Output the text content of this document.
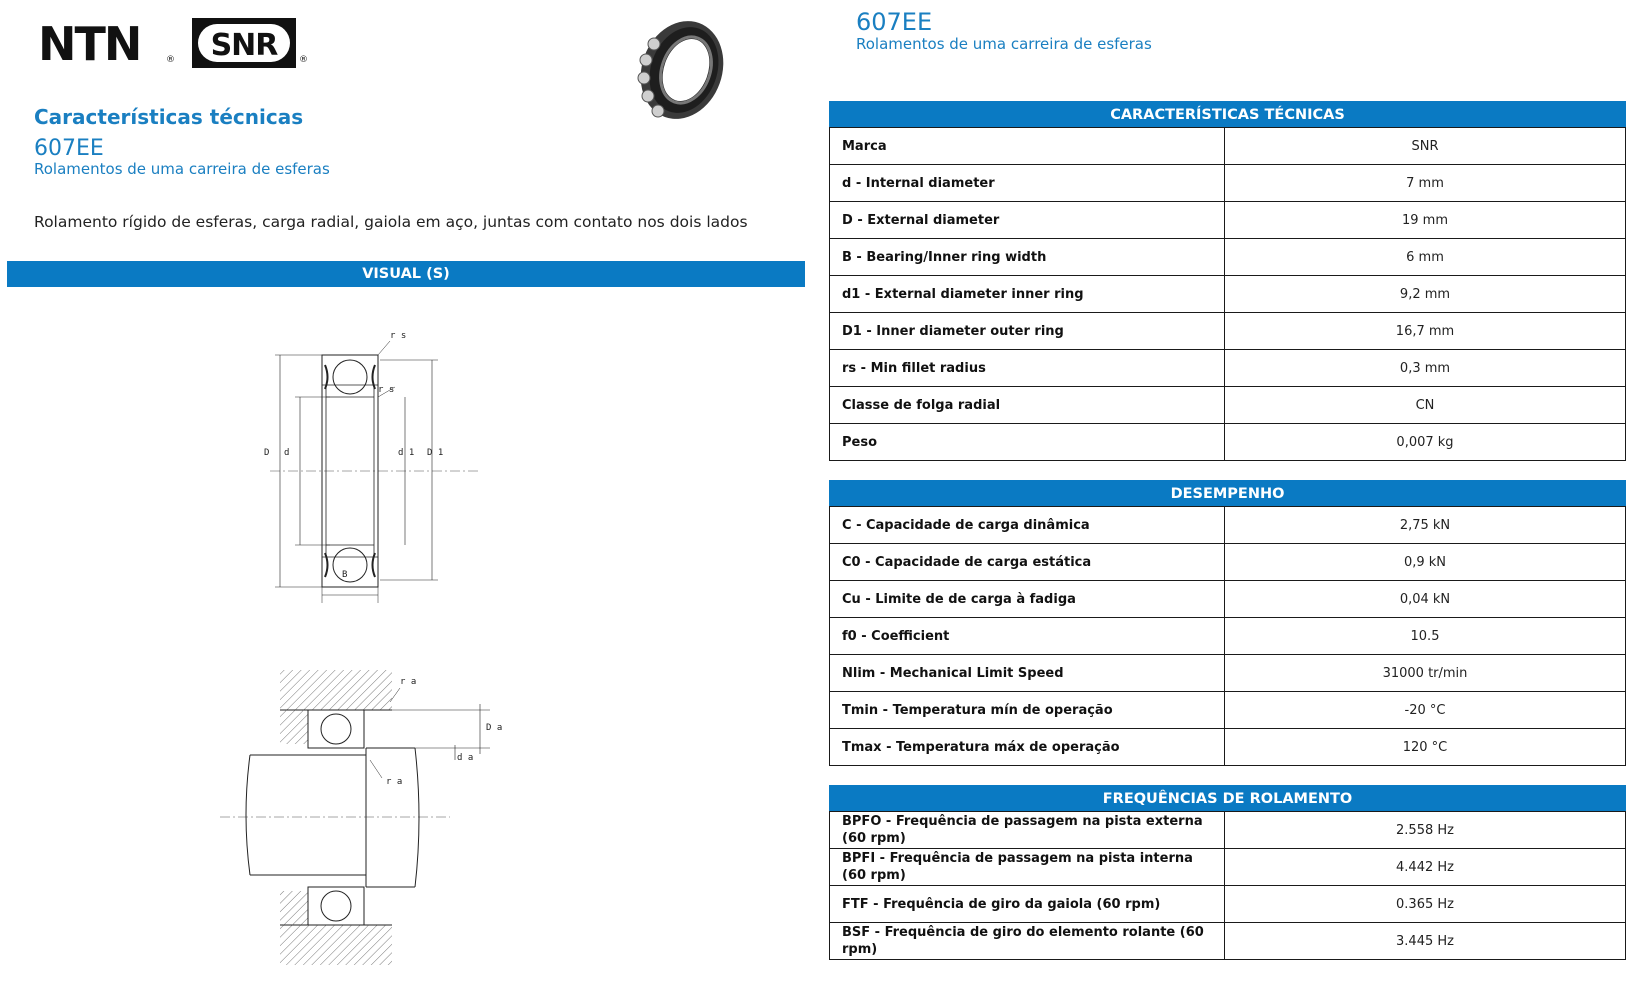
NTN	® SNR ®
Características técnicas
607EE
Rolamentos de uma carreira de esferas
Rolamento rígido de esferas, carga radial, gaiola em aço, juntas com contato nos dois lados
VISUAL (S)
r s
r s
D d	d 1 D 1
B
r a
D a
d a
r a
607EE
Rolamentos de uma carreira de esferas
CARACTERÍSTICAS TÉCNICAS
Marca	SNR
d - Internal diameter	7 mm
D - External diameter	19 mm
B - Bearing/Inner ring width	6 mm
d1 - External diameter inner ring	9,2 mm
D1 - Inner diameter outer ring	16,7 mm
rs - Min fillet radius	0,3 mm
Classe de folga radial	CN
Peso	0,007 kg
DESEMPENHO
C - Capacidade de carga dinâmica	2,75 kN
C0 - Capacidade de carga estática	0,9 kN
Cu - Limite de de carga à fadiga	0,04 kN
f0 - Coefficient	10.5
Nlim - Mechanical Limit Speed	31000 tr/min
Tmin - Temperatura mín de operação	-20 °C
Tmax - Temperatura máx de operação	120 °C
FREQUÊNCIAS DE ROLAMENTO
BPFO - Frequência de passagem na pista externa (60 rpm)	2.558 Hz
BPFI - Frequência de passagem na pista interna (60 rpm)	4.442 Hz
FTF - Frequência de giro da gaiola (60 rpm)	0.365 Hz
BSF - Frequência de giro do elemento rolante (60 rpm)	3.445 Hz
